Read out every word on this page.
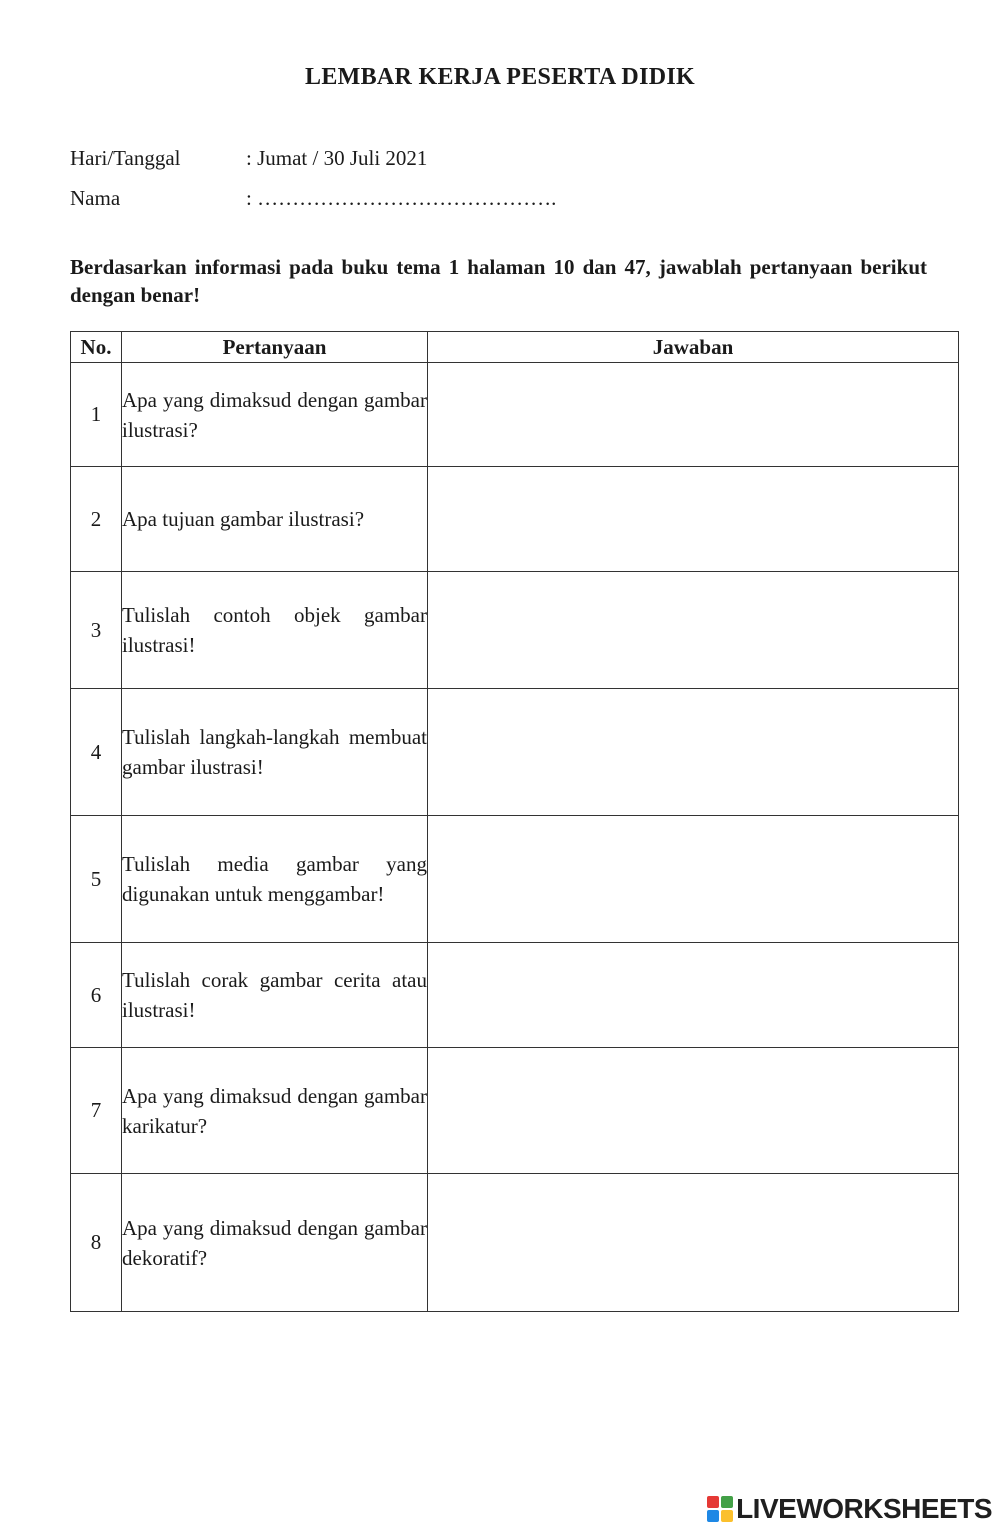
LEMBAR KERJA PESERTA DIDIK
Hari/Tanggal	: Jumat / 30 Juli 2021
Nama	: …………………………………….
Berdasarkan informasi pada buku tema 1 halaman 10 dan 47, jawablah pertanyaan berikut dengan benar!
No.	Pertanyaan	Jawaban
1	Apa yang dimaksud dengan gambar ilustrasi?	

2	Apa tujuan gambar ilustrasi?	

3	Tulislah contoh objek gambar ilustrasi!	

4	Tulislah langkah-langkah membuat gambar ilustrasi!	

5	Tulislah media gambar yang digunakan untuk menggambar!	

6	Tulislah corak gambar cerita atau ilustrasi!	

7	Apa yang dimaksud dengan gambar karikatur?	

8	Apa yang dimaksud dengan gambar dekoratif?	
LIVEWORKSHEETS
